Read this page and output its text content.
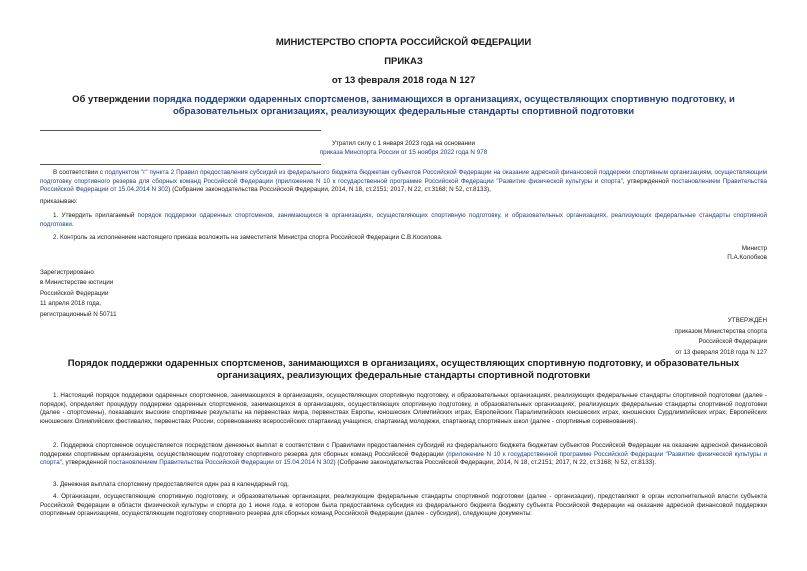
МИНИСТЕРСТВО СПОРТА РОССИЙСКОЙ ФЕДЕРАЦИИ
ПРИКАЗ
от 13 февраля 2018 года N 127
Об утверждении порядка поддержки одаренных спортсменов, занимающихся в организациях, осуществляющих спортивную подготовку, и образовательных организациях, реализующих федеральные стандарты спортивной подготовки
Утратил силу с 1 января 2023 года на основании
приказа Минспорта России от 15 ноября 2022 года N 978
В соответствии с подпунктом "г" пункта 2 Правил предоставления субсидий из федерального бюджета бюджетам субъектов Российской Федерации на оказание адресной финансовой поддержки спортивным организациям, осуществляющим подготовку спортивного резерва для сборных команд Российской Федерации (приложение N 10 к государственной программе Российской Федерации "Развитие физической культуры и спорта", утвержденной постановлением Правительства Российской Федерации от 15.04.2014 N 302) (Собрание законодательства Российской Федерации, 2014, N 18, ст.2151; 2017, N 22, ст.3168; N 52, ст.8133),
приказываю:
1. Утвердить прилагаемый порядок поддержки одаренных спортсменов, занимающихся в организациях, осуществляющих спортивную подготовку, и образовательных организациях, реализующих федеральные стандарты спортивной подготовки.
2. Контроль за исполнением настоящего приказа возложить на заместителя Министра спорта Российской Федерации С.В.Косилова.
Министр
П.А.Колобков
Зарегистрировано
в Министерстве юстиции
Российской Федерации
11 апреля 2018 года,
регистрационный N 50711
УТВЕРЖДЕН
приказом Министерства спорта
Российской Федерации
от 13 февраля 2018 года N 127
Порядок поддержки одаренных спортсменов, занимающихся в организациях, осуществляющих спортивную подготовку, и образовательных организациях, реализующих федеральные стандарты спортивной подготовки
1. Настоящий порядок поддержки одаренных спортсменов, занимающихся в организациях, осуществляющих спортивную подготовку, и образовательных организациях, реализующих федеральные стандарты спортивной подготовки (далее - порядок), определяет процедуру поддержки одаренных спортсменов, занимающихся в организациях, осуществляющих спортивную подготовку, и образовательных организациях, реализующих федеральные стандарты спортивной подготовки (далее - спортсмены), показавших высокие спортивные результаты на первенствах мира, первенствах Европы, юношеских Олимпийских играх, Европейских Паралимпийских юношеских играх, юношеских Сурдлимпийских играх, Европейских юношеских Олимпийских фестивалях, первенствах России, соревнованиях всероссийских спартакиад учащихся, спартакиад молодежи, спартакиад спортивных школ (далее - спортивные соревнования).
2. Поддержка спортсменов осуществляется посредством денежных выплат в соответствии с Правилами предоставления субсидий из федерального бюджета бюджетам субъектов Российской Федерации на оказание адресной финансовой поддержки спортивным организациям, осуществляющим подготовку спортивного резерва для сборных команд Российской Федерации (приложение N 10 к государственной программе Российской Федерации "Развитие физической культуры и спорта", утвержденной постановлением Правительства Российской Федерации от 15.04.2014 N 302) (Собрание законодательства Российской Федерации, 2014, N 18, ст.2151; 2017, N 22, ст.3168; N 52, ст.8133).
3. Денежная выплата спортсмену предоставляется один раз в календарный год.
4. Организации, осуществляющие спортивную подготовку, и образовательные организации, реализующие федеральные стандарты спортивной подготовки (далее - организации), представляют в орган исполнительной власти субъекта Российской Федерации в области физической культуры и спорта до 1 июня года, в котором была предоставлена субсидия из федерального бюджета бюджету субъекта Российской Федерации на оказание адресной финансовой поддержки спортивным организациям, осуществляющим подготовку спортивного резерва для сборных команд Российской Федерации (далее - субсидия), следующие документы:
